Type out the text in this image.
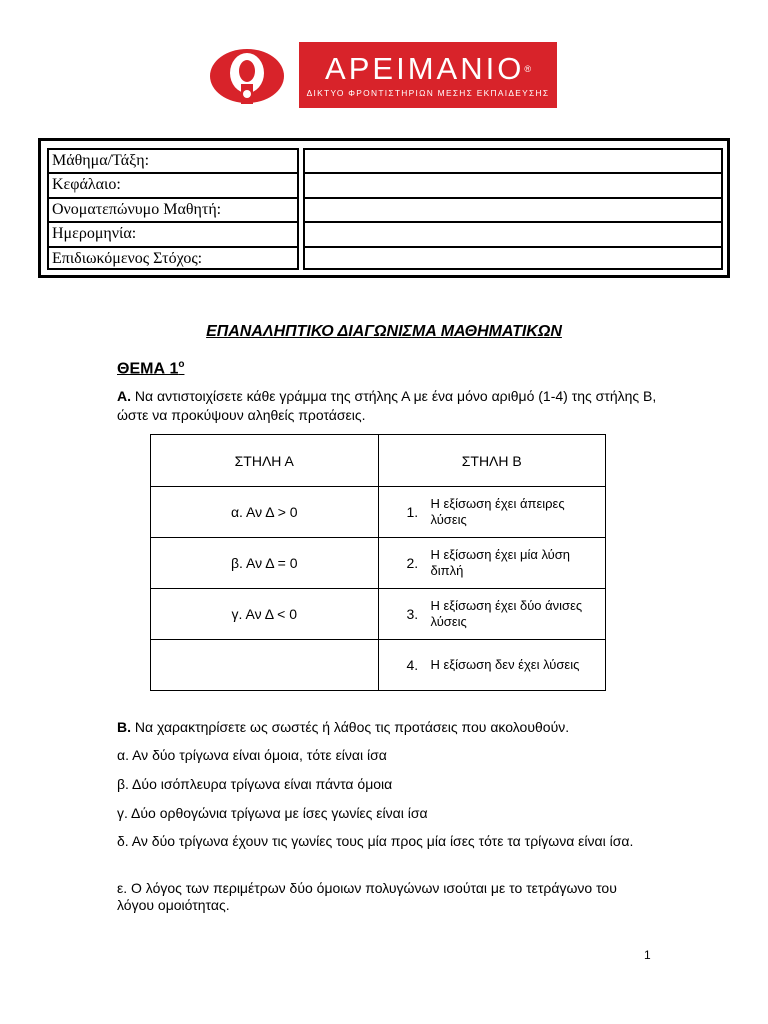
ΑΡΕΙΜΑΝΙΟ®
ΔΙΚΤΥΟ ΦΡΟΝΤΙΣΤΗΡΙΩΝ ΜΕΣΗΣ ΕΚΠΑΙΔΕΥΣΗΣ
Μάθημα/Τάξη:
Κεφάλαιο:
Ονοματεπώνυμο Μαθητή:
Ημερομηνία:
Επιδιωκόμενος Στόχος:
ΕΠΑΝΑΛΗΠΤΙΚΟ ΔΙΑΓΩΝΙΣΜΑ ΜΑΘΗΜΑΤΙΚΩΝ
ΘΕΜΑ $1^o$
Α. Να αντιστοιχίσετε κάθε γράμμα της στήλης Α με ένα μόνο αριθμό (1-4) της στήλης Β, ώστε να προκύψουν αληθείς προτάσεις.
ΣΤΗΛΗ Α	ΣΤΗΛΗ Β
α. Αν Δ > 0	1.
Η εξίσωση έχει άπειρες λύσεις

β. Αν Δ = 0	2.
Η εξίσωση έχει μία λύση διπλή

γ. Αν Δ < 0	3.
Η εξίσωση έχει δύο άνισες λύσεις

	4. Η εξίσωση δεν έχει λύσεις
Β. Να χαρακτηρίσετε ως σωστές ή λάθος τις προτάσεις που ακολουθούν.
α. Αν δύο τρίγωνα είναι όμοια, τότε είναι ίσα
β. Δύο ισόπλευρα τρίγωνα είναι πάντα όμοια
γ. Δύο ορθογώνια τρίγωνα με ίσες γωνίες είναι ίσα
δ. Αν δύο τρίγωνα έχουν τις γωνίες τους μία προς μία ίσες τότε τα τρίγωνα είναι ίσα.
ε. Ο λόγος των περιμέτρων δύο όμοιων πολυγώνων ισούται με το τετράγωνο του λόγου ομοιότητας.
1
